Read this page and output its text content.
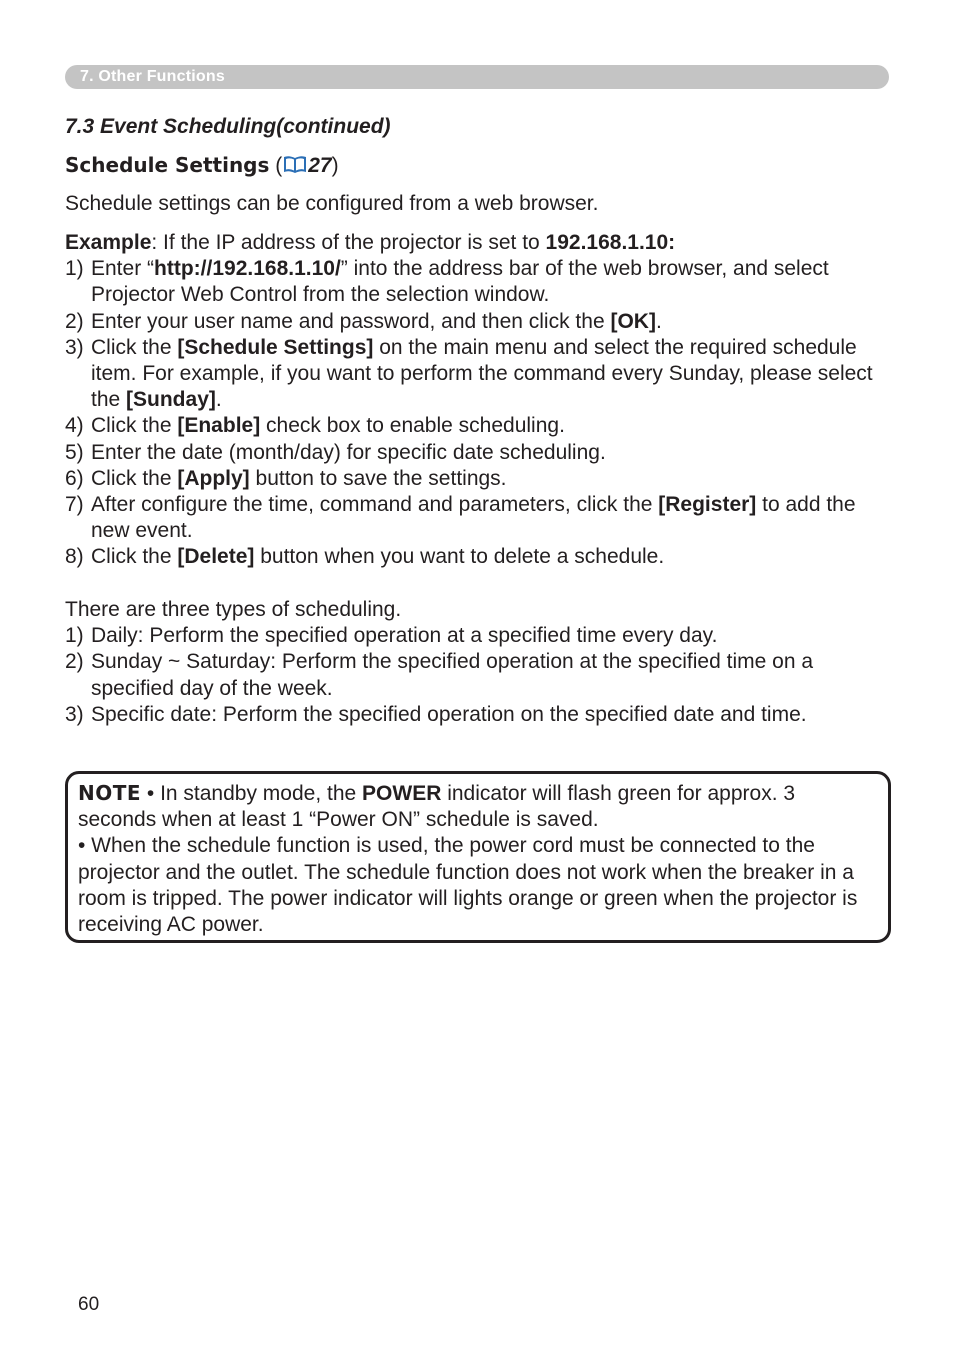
7. Other Functions
7.3 Event Scheduling(continued)
Schedule Settings ( 27)
Schedule settings can be configured from a web browser.

Example: If the IP address of the projector is set to 192.168.1.10:

1) Enter “http://192.168.1.10/” into the address bar of the web browser, and select Projector Web Control from the selection window.
2) Enter your user name and password, and then click the [OK].
3) Click the [Schedule Settings] on the main menu and select the required schedule item. For example, if you want to perform the command every Sunday, please select the [Sunday].
4) Click the [Enable] check box to enable scheduling.
5) Enter the date (month/day) for specific date scheduling.
6) Click the [Apply] button to save the settings.
7) After configure the time, command and parameters, click the [Register] to add the new event.
8) Click the [Delete] button when you want to delete a schedule.

There are three types of scheduling.

1) Daily: Perform the specified operation at a specified time every day.
2) Sunday ~ Saturday: Perform the specified operation at the specified time on a specified day of the week.
3) Specific date: Perform the specified operation on the specified date and time.

NOTE • In standby mode, the POWER indicator will flash green for approx. 3 seconds when at least 1 “Power ON” schedule is saved.

• When the schedule function is used, the power cord must be connected to the projector and the outlet. The schedule function does not work when the breaker in a room is tripped. The power indicator will lights orange or green when the projector is receiving AC power.

60
